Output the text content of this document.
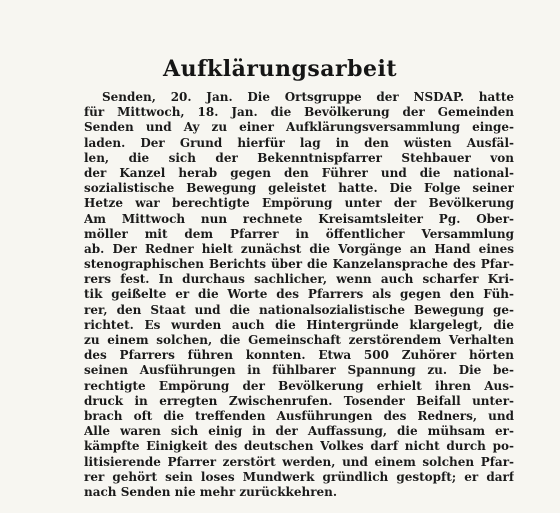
Aufklärungsarbeit
Senden, 20. Jan. Die Ortsgruppe der NSDAP. hatte
für Mittwoch, 18. Jan. die Bevölkerung der Gemeinden
Senden und Ay zu einer Aufklärungsversammlung einge-
laden. Der Grund hierfür lag in den wüsten Ausfäl-
len, die sich der Bekenntnispfarrer Stehbauer von
der Kanzel herab gegen den Führer und die national-
sozialistische Bewegung geleistet hatte. Die Folge seiner
Hetze war berechtigte Empörung unter der Bevölkerung
Am Mittwoch nun rechnete Kreisamtsleiter Pg. Ober-
möller mit dem Pfarrer in öffentlicher Versammlung
ab. Der Redner hielt zunächst die Vorgänge an Hand eines
stenographischen Berichts über die Kanzelansprache des Pfar-
rers fest. In durchaus sachlicher, wenn auch scharfer Kri-
tik geißelte er die Worte des Pfarrers als gegen den Füh-
rer, den Staat und die nationalsozialistische Bewegung ge-
richtet. Es wurden auch die Hintergründe klargelegt, die
zu einem solchen, die Gemeinschaft zerstörendem Verhalten
des Pfarrers führen konnten. Etwa 500 Zuhörer hörten
seinen Ausführungen in fühlbarer Spannung zu. Die be-
rechtigte Empörung der Bevölkerung erhielt ihren Aus-
druck in erregten Zwischenrufen. Tosender Beifall unter-
brach oft die treffenden Ausführungen des Redners, und
Alle waren sich einig in der Auffassung, die mühsam er-
kämpfte Einigkeit des deutschen Volkes darf nicht durch po-
litisierende Pfarrer zerstört werden, und einem solchen Pfar-
rer gehört sein loses Mundwerk gründlich gestopft; er darf
nach Senden nie mehr zurückkehren.
